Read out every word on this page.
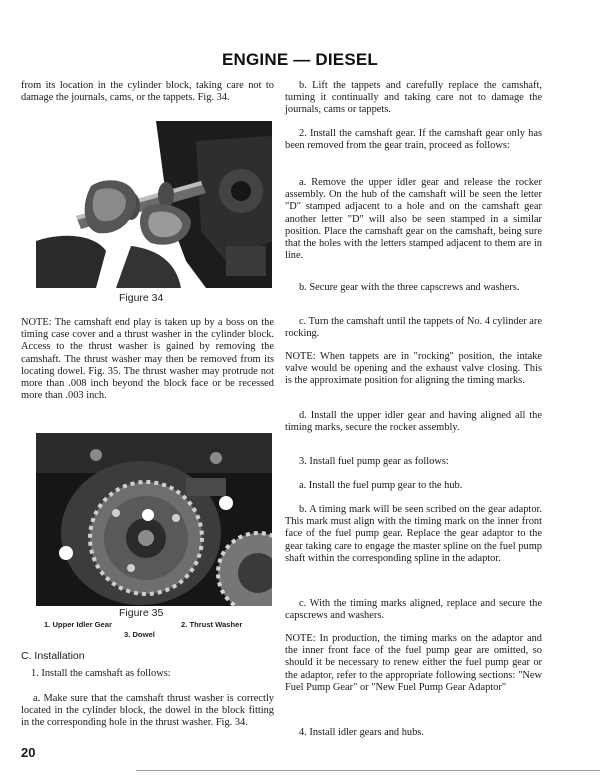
ENGINE — DIESEL

from its location in the cylinder block, taking care not to damage the journals, cams, or the tappets. Fig. 34.

Figure 34

NOTE: The camshaft end play is taken up by a boss on the timing case cover and a thrust washer in the cylinder block. Access to the thrust washer is gained by removing the camshaft. The thrust washer may then be removed from its locating dowel. Fig. 35. The thrust washer may protrude not more than .008 inch beyond the block face or be recessed more than .003 inch.

Figure 35
1. Upper Idler Gear	2. Thrust Washer
3. Dowel
C. Installation

1. Install the camshaft as follows:

a. Make sure that the camshaft thrust washer is correctly located in the cylinder block, the dowel in the block fitting in the corresponding hole in the thrust washer. Fig. 34.

20

b. Lift the tappets and carefully replace the camshaft, turning it continually and taking care not to damage the journals, cams or tappets.

2. Install the camshaft gear. If the camshaft gear only has been removed from the gear train, proceed as follows:

a. Remove the upper idler gear and release the rocker assembly. On the hub of the camshaft will be seen the letter "D" stamped adjacent to a hole and on the camshaft gear another letter "D" will also be seen stamped in a similar position. Place the camshaft gear on the camshaft, being sure that the holes with the letters stamped adjacent to them are in line.

b. Secure gear with the three capscrews and washers.

c. Turn the camshaft until the tappets of No. 4 cylinder are rocking.

NOTE: When tappets are in "rocking" position, the intake valve would be opening and the exhaust valve closing. This is the approximate position for aligning the timing marks.

d. Install the upper idler gear and having aligned all the timing marks, secure the rocker assembly.

3. Install fuel pump gear as follows:

a. Install the fuel pump gear to the hub.

b. A timing mark will be seen scribed on the gear adaptor. This mark must align with the timing mark on the inner front face of the fuel pump gear. Replace the gear adaptor to the gear taking care to engage the master spline on the fuel pump shaft within the corresponding spline in the adaptor.

c. With the timing marks aligned, replace and secure the capscrews and washers.

NOTE: In production, the timing marks on the adaptor and the inner front face of the fuel pump gear are omitted, so should it be necessary to renew either the fuel pump gear or the adaptor, refer to the appropriate following sections: "New Fuel Pump Gear" or "New Fuel Pump Gear Adaptor"

4. Install idler gears and hubs.
